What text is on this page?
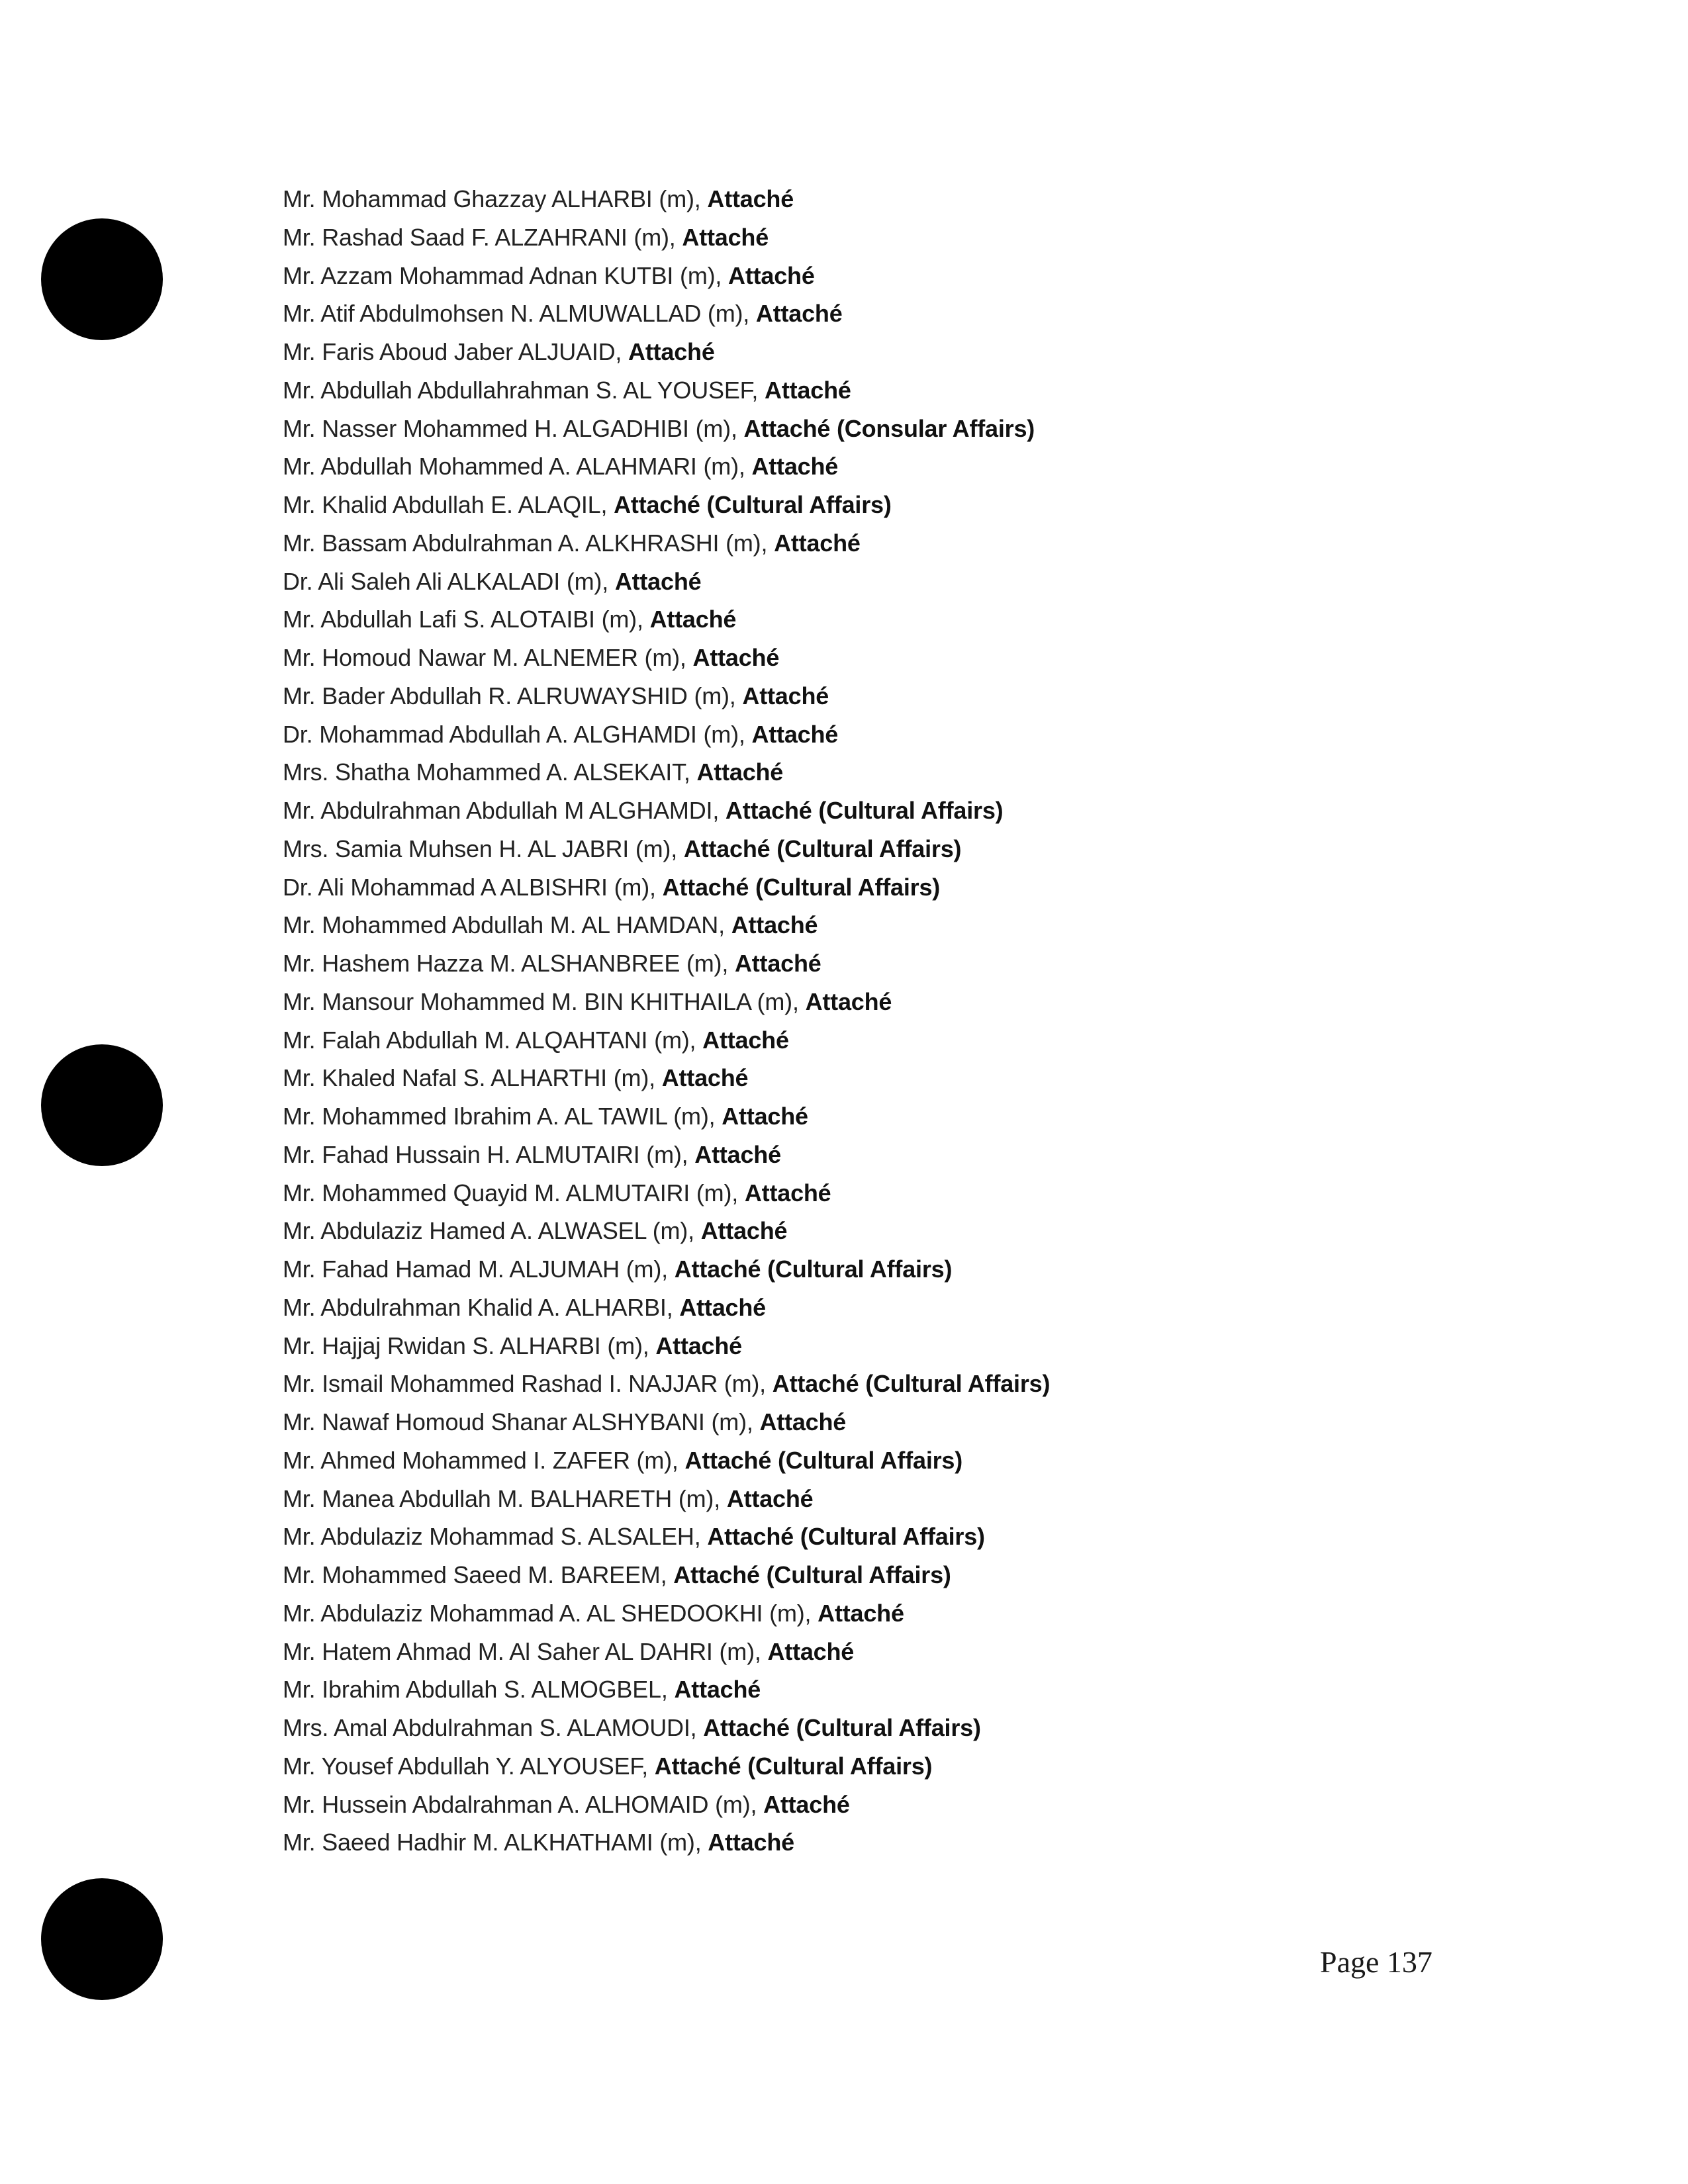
Mr. Mohammad Ghazzay ALHARBI (m), Attaché
Mr. Rashad Saad F. ALZAHRANI (m), Attaché
Mr. Azzam Mohammad Adnan KUTBI (m), Attaché
Mr. Atif Abdulmohsen N. ALMUWALLAD (m), Attaché
Mr. Faris Aboud Jaber ALJUAID, Attaché
Mr. Abdullah Abdullahrahman S. AL YOUSEF, Attaché
Mr. Nasser Mohammed H. ALGADHIBI (m), Attaché (Consular Affairs)
Mr. Abdullah Mohammed A. ALAHMARI (m), Attaché
Mr. Khalid Abdullah E. ALAQIL, Attaché (Cultural Affairs)
Mr. Bassam Abdulrahman A. ALKHRASHI (m), Attaché
Dr. Ali Saleh Ali ALKALADI (m), Attaché
Mr. Abdullah Lafi S. ALOTAIBI (m), Attaché
Mr. Homoud Nawar M. ALNEMER (m), Attaché
Mr. Bader Abdullah R. ALRUWAYSHID (m), Attaché
Dr. Mohammad Abdullah A. ALGHAMDI (m), Attaché
Mrs. Shatha Mohammed A. ALSEKAIT, Attaché
Mr. Abdulrahman Abdullah M ALGHAMDI, Attaché (Cultural Affairs)
Mrs. Samia Muhsen H. AL JABRI (m), Attaché (Cultural Affairs)
Dr. Ali Mohammad A ALBISHRI (m), Attaché (Cultural Affairs)
Mr. Mohammed Abdullah M. AL HAMDAN, Attaché
Mr. Hashem Hazza M. ALSHANBREE (m), Attaché
Mr. Mansour Mohammed M. BIN KHITHAILA (m), Attaché
Mr. Falah Abdullah M. ALQAHTANI (m), Attaché
Mr. Khaled Nafal S. ALHARTHI (m), Attaché
Mr. Mohammed Ibrahim A. AL TAWIL (m), Attaché
Mr. Fahad Hussain H. ALMUTAIRI (m), Attaché
Mr. Mohammed Quayid M. ALMUTAIRI (m), Attaché
Mr. Abdulaziz Hamed A. ALWASEL (m), Attaché
Mr. Fahad Hamad M. ALJUMAH (m), Attaché (Cultural Affairs)
Mr. Abdulrahman Khalid A. ALHARBI, Attaché
Mr. Hajjaj Rwidan S. ALHARBI (m), Attaché
Mr. Ismail Mohammed Rashad I. NAJJAR (m), Attaché (Cultural Affairs)
Mr. Nawaf Homoud Shanar ALSHYBANI (m), Attaché
Mr. Ahmed Mohammed I. ZAFER (m), Attaché (Cultural Affairs)
Mr. Manea Abdullah M. BALHARETH (m), Attaché
Mr. Abdulaziz Mohammad S. ALSALEH, Attaché (Cultural Affairs)
Mr. Mohammed Saeed M. BAREEM, Attaché (Cultural Affairs)
Mr. Abdulaziz Mohammad A. AL SHEDOOKHI (m), Attaché
Mr. Hatem Ahmad M. Al Saher AL DAHRI (m), Attaché
Mr. Ibrahim Abdullah S. ALMOGBEL, Attaché
Mrs. Amal Abdulrahman S. ALAMOUDI, Attaché (Cultural Affairs)
Mr. Yousef Abdullah Y. ALYOUSEF, Attaché (Cultural Affairs)
Mr. Hussein Abdalrahman A. ALHOMAID (m), Attaché
Mr. Saeed Hadhir M. ALKHATHAMI (m), Attaché
Page 137
